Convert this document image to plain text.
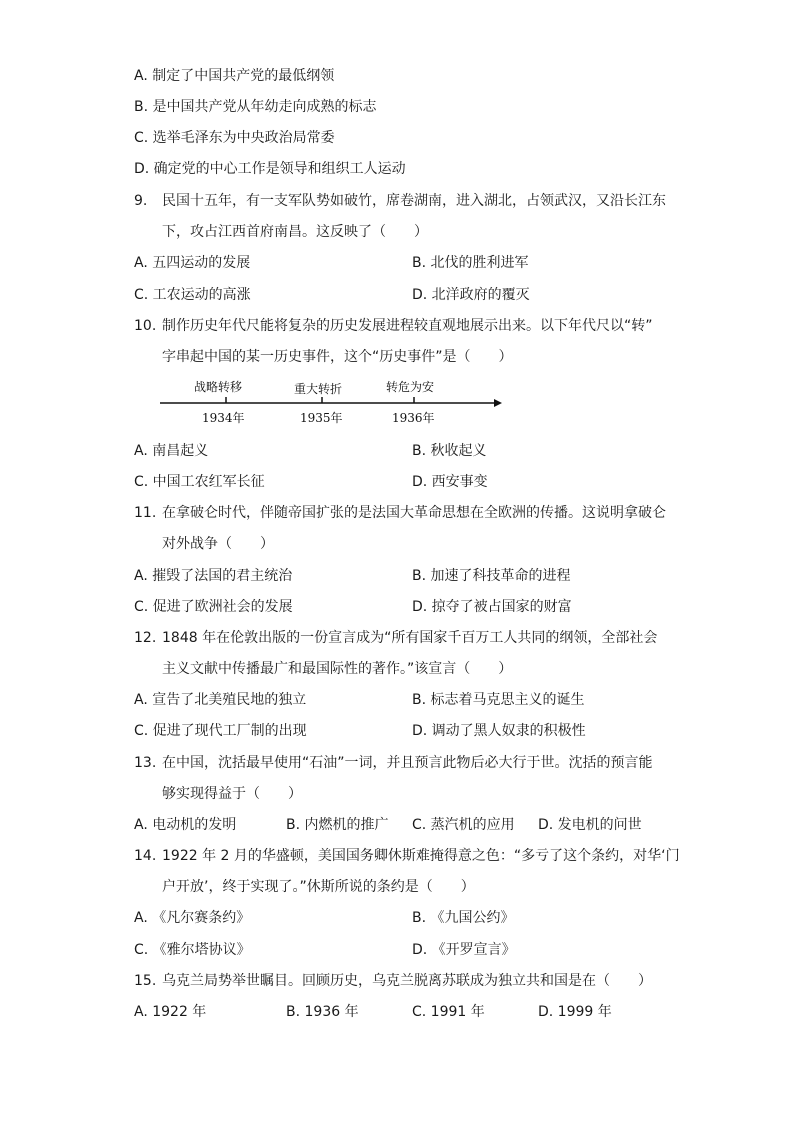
A. 制定了中国共产党的最低纲领
B. 是中国共产党从年幼走向成熟的标志
C. 选举毛泽东为中央政治局常委
D. 确定党的中心工作是领导和组织工人运动
9. 民国十五年，有一支军队势如破竹，席卷湖南，进入湖北，占领武汉，又沿长江东
下，攻占江西首府南昌。这反映了（　　）
A. 五四运动的发展	B. 北伐的胜利进军
C. 工农运动的高涨	D. 北洋政府的覆灭
10. 制作历史年代尺能将复杂的历史发展进程较直观地展示出来。以下年代尺以“转”
字串起中国的某一历史事件，这个“历史事件”是（　　）
战略转移	重大转折	转危为安
1934年	1935年	1936年
A. 南昌起义	B. 秋收起义
C. 中国工农红军长征	D. 西安事变
11. 在拿破仑时代，伴随帝国扩张的是法国大革命思想在全欧洲的传播。这说明拿破仑
对外战争（　　）
A. 摧毁了法国的君主统治	B. 加速了科技革命的进程
C. 促进了欧洲社会的发展	D. 掠夺了被占国家的财富
12. 1848 年在伦敦出版的一份宣言成为“所有国家千百万工人共同的纲领，全部社会
主义文献中传播最广和最国际性的著作。”该宣言（　　）
A. 宣告了北美殖民地的独立	B. 标志着马克思主义的诞生
C. 促进了现代工厂制的出现	D. 调动了黑人奴隶的积极性
13. 在中国，沈括最早使用“石油”一词，并且预言此物后必大行于世。沈括的预言能
够实现得益于（　　）
A. 电动机的发明	B. 内燃机的推广 C. 蒸汽机的应用 D. 发电机的问世
14. 1922 年 2 月的华盛顿，美国国务卿休斯难掩得意之色：“多亏了这个条约，对华‘门
户开放’，终于实现了。”休斯所说的条约是（　　）
A. 《凡尔赛条约》	B. 《九国公约》
C. 《雅尔塔协议》	D. 《开罗宣言》
15. 乌克兰局势举世瞩目。回顾历史，乌克兰脱离苏联成为独立共和国是在（　　）
A. 1922 年	B. 1936 年	C. 1991 年	D. 1999 年
